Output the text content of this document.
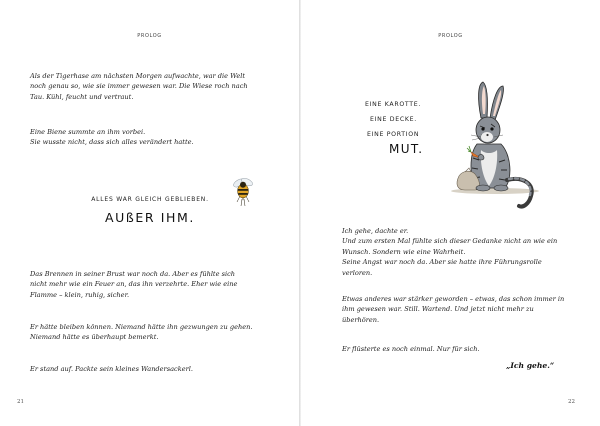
PROLOG

Als der Tigerhase am nächsten Morgen aufwachte, war die Welt
noch genau so, wie sie immer gewesen war. Die Wiese roch nach
Tau. Kühl, feucht und vertraut.

Eine Biene summte an ihm vorbei.
Sie wusste nicht, dass sich alles verändert hatte.

ALLES WAR GLEICH GEBLIEBEN.
AUßER IHM.

Das Brennen in seiner Brust war noch da. Aber es fühlte sich
nicht mehr wie ein Feuer an, das ihn verzehrte. Eher wie eine
Flamme – klein, ruhig, sicher.

Er hätte bleiben können. Niemand hätte ihn gezwungen zu gehen.
Niemand hätte es überhaupt bemerkt.

Er stand auf. Packte sein kleines Wandersackerl.

21
PROLOG
EINE KAROTTE.
EINE DECKE.
EINE PORTION
MUT.

Ich gehe, dachte er.
Und zum ersten Mal fühlte sich dieser Gedanke nicht an wie ein
Wunsch. Sondern wie eine Wahrheit.
Seine Angst war noch da. Aber sie hatte ihre Führungsrolle
verloren.

Etwas anderes war stärker geworden – etwas, das schon immer in
ihm gewesen war. Still. Wartend. Und jetzt nicht mehr zu
überhören.

Er flüsterte es noch einmal. Nur für sich.

„Ich gehe.“
22
